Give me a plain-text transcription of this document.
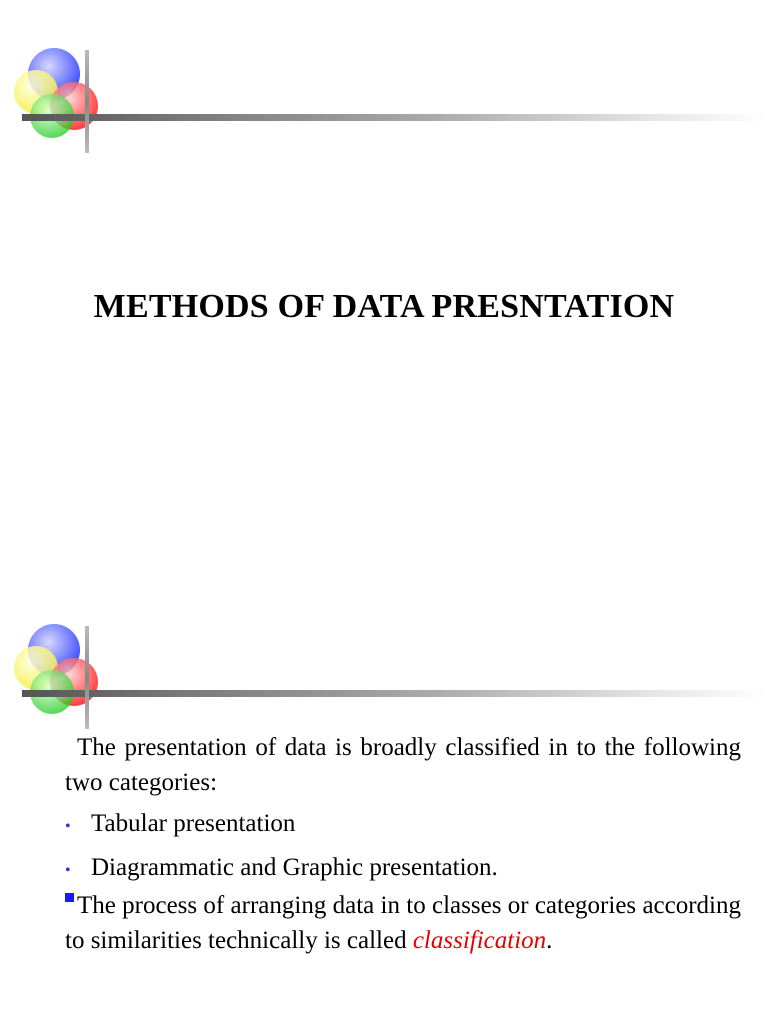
METHODS OF DATA PRESNTATION

The presentation of data is broadly classified in to the following two categories:

• Tabular presentation
• Diagrammatic and Graphic presentation.

The process of arranging data in to classes or categories according to similarities technically is called classification.
